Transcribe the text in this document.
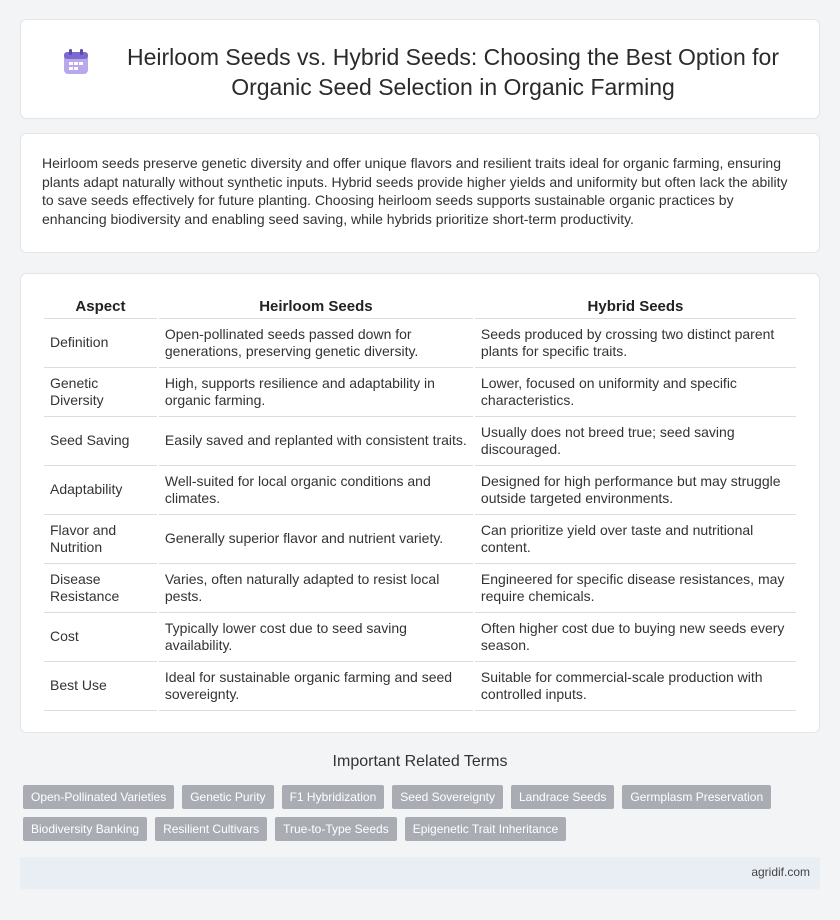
Heirloom Seeds vs. Hybrid Seeds: Choosing the Best Option for Organic Seed Selection in Organic Farming

Heirloom seeds preserve genetic diversity and offer unique flavors and resilient traits ideal for organic farming, ensuring plants adapt naturally without synthetic inputs. Hybrid seeds provide higher yields and uniformity but often lack the ability to save seeds effectively for future planting. Choosing heirloom seeds supports sustainable organic practices by enhancing biodiversity and enabling seed saving, while hybrids prioritize short-term productivity.

Aspect	Heirloom Seeds	Hybrid Seeds
Definition	Open-pollinated seeds passed down for generations, preserving genetic diversity.	Seeds produced by crossing two distinct parent plants for specific traits.
Genetic Diversity	High, supports resilience and adaptability in organic farming.	Lower, focused on uniformity and specific characteristics.
Seed Saving	Easily saved and replanted with consistent traits.	Usually does not breed true; seed saving discouraged.
Adaptability	Well-suited for local organic conditions and climates.	Designed for high performance but may struggle outside targeted environments.
Flavor and Nutrition	Generally superior flavor and nutrient variety.	Can prioritize yield over taste and nutritional content.
Disease Resistance	Varies, often naturally adapted to resist local pests.	Engineered for specific disease resistances, may require chemicals.
Cost	Typically lower cost due to seed saving availability.	Often higher cost due to buying new seeds every season.
Best Use	Ideal for sustainable organic farming and seed sovereignty.	Suitable for commercial-scale production with controlled inputs.
Important Related Terms
Open-Pollinated Varieties	Genetic Purity	F1 Hybridization	Seed Sovereignty	Landrace Seeds	Germplasm Preservation
Biodiversity Banking	Resilient Cultivars	True-to-Type Seeds	Epigenetic Trait Inheritance
agridif.com
